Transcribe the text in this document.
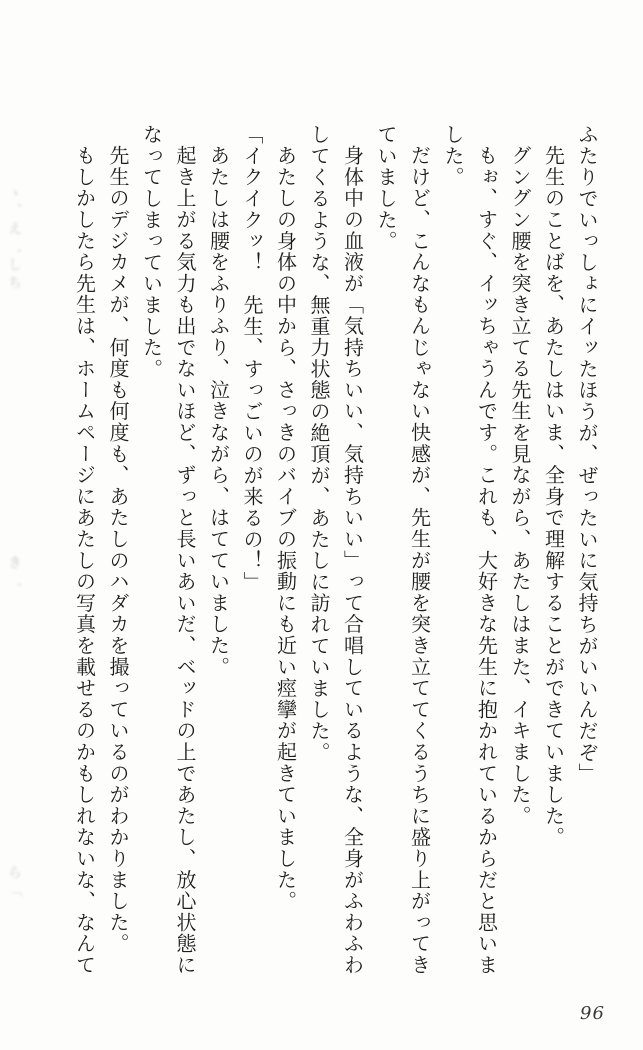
ふたりでいっしょにイッたほうが、ぜったいに気持ちがいいんだぞ」

先生のことばを、あたしはいま、全身で理解することができていました。

グングン腰を突き立てる先生を見ながら、あたしはまた、イキました。

もぉ、すぐ、イッちゃうんです。これも、大好きな先生に抱かれているからだと思いました。

だけど、こんなもんじゃない快感が、先生が腰を突き立ててくるうちに盛り上がってきていました。

身体中の血液が「気持ちいい、気持ちいい」って合唱しているような、全身がふわふわしてくるような、無重力状態の絶頂が、あたしに訪れていました。

あたしの身体の中から、さっきのバイブの振動にも近い痙攣が起きていました。

「イクイクッ！　先生、すっごいのが来るの！」

あたしは腰をふりふり、泣きながら、はてていました。

起き上がる気力も出でないほど、ずっと長いあいだ、ベッドの上であたし、放心状態になってしまっていました。

先生のデジカメが、何度も何度も、あたしのハダカを撮っているのがわかりました。

もしかしたら先生は、ホームページにあたしの写真を載せるのかもしれないな、なんて

ゝ、え゛しち
き゛
ら「
96
